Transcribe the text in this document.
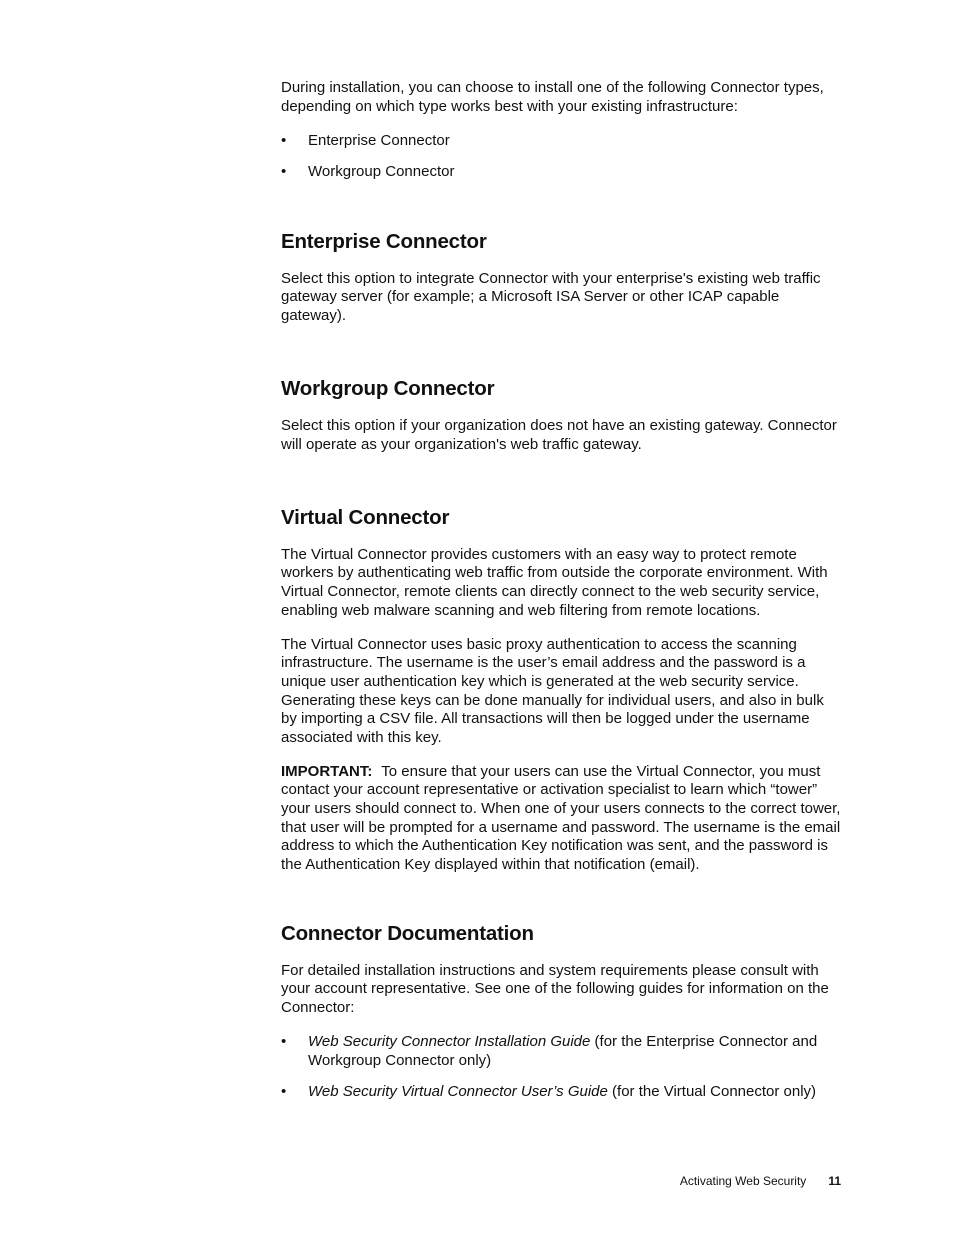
During installation, you can choose to install one of the following Connector types, depending on which type works best with your existing infrastructure:

• Enterprise Connector
• Workgroup Connector
Enterprise Connector

Select this option to integrate Connector with your enterprise's existing web traffic gateway server (for example; a Microsoft ISA Server or other ICAP capable gateway).

Workgroup Connector

Select this option if your organization does not have an existing gateway. Connector will operate as your organization's web traffic gateway.

Virtual Connector

The Virtual Connector provides customers with an easy way to protect remote workers by authenticating web traffic from outside the corporate environment. With Virtual Connector, remote clients can directly connect to the web security service, enabling web malware scanning and web filtering from remote locations.

The Virtual Connector uses basic proxy authentication to access the scanning infrastructure. The username is the user’s email address and the password is a unique user authentication key which is generated at the web security service. Generating these keys can be done manually for individual users, and also in bulk by importing a CSV file. All transactions will then be logged under the username associated with this key.

IMPORTANT: To ensure that your users can use the Virtual Connector, you must contact your account representative or activation specialist to learn which “tower” your users should connect to. When one of your users connects to the correct tower, that user will be prompted for a username and password. The username is the email address to which the Authentication Key notification was sent, and the password is the Authentication Key displayed within that notification (email).

Connector Documentation

For detailed installation instructions and system requirements please consult with your account representative. See one of the following guides for information on the Connector:

• Web Security Connector Installation Guide (for the Enterprise Connector and Workgroup Connector only)
• Web Security Virtual Connector User’s Guide (for the Virtual Connector only)
Activating Web Security 11
